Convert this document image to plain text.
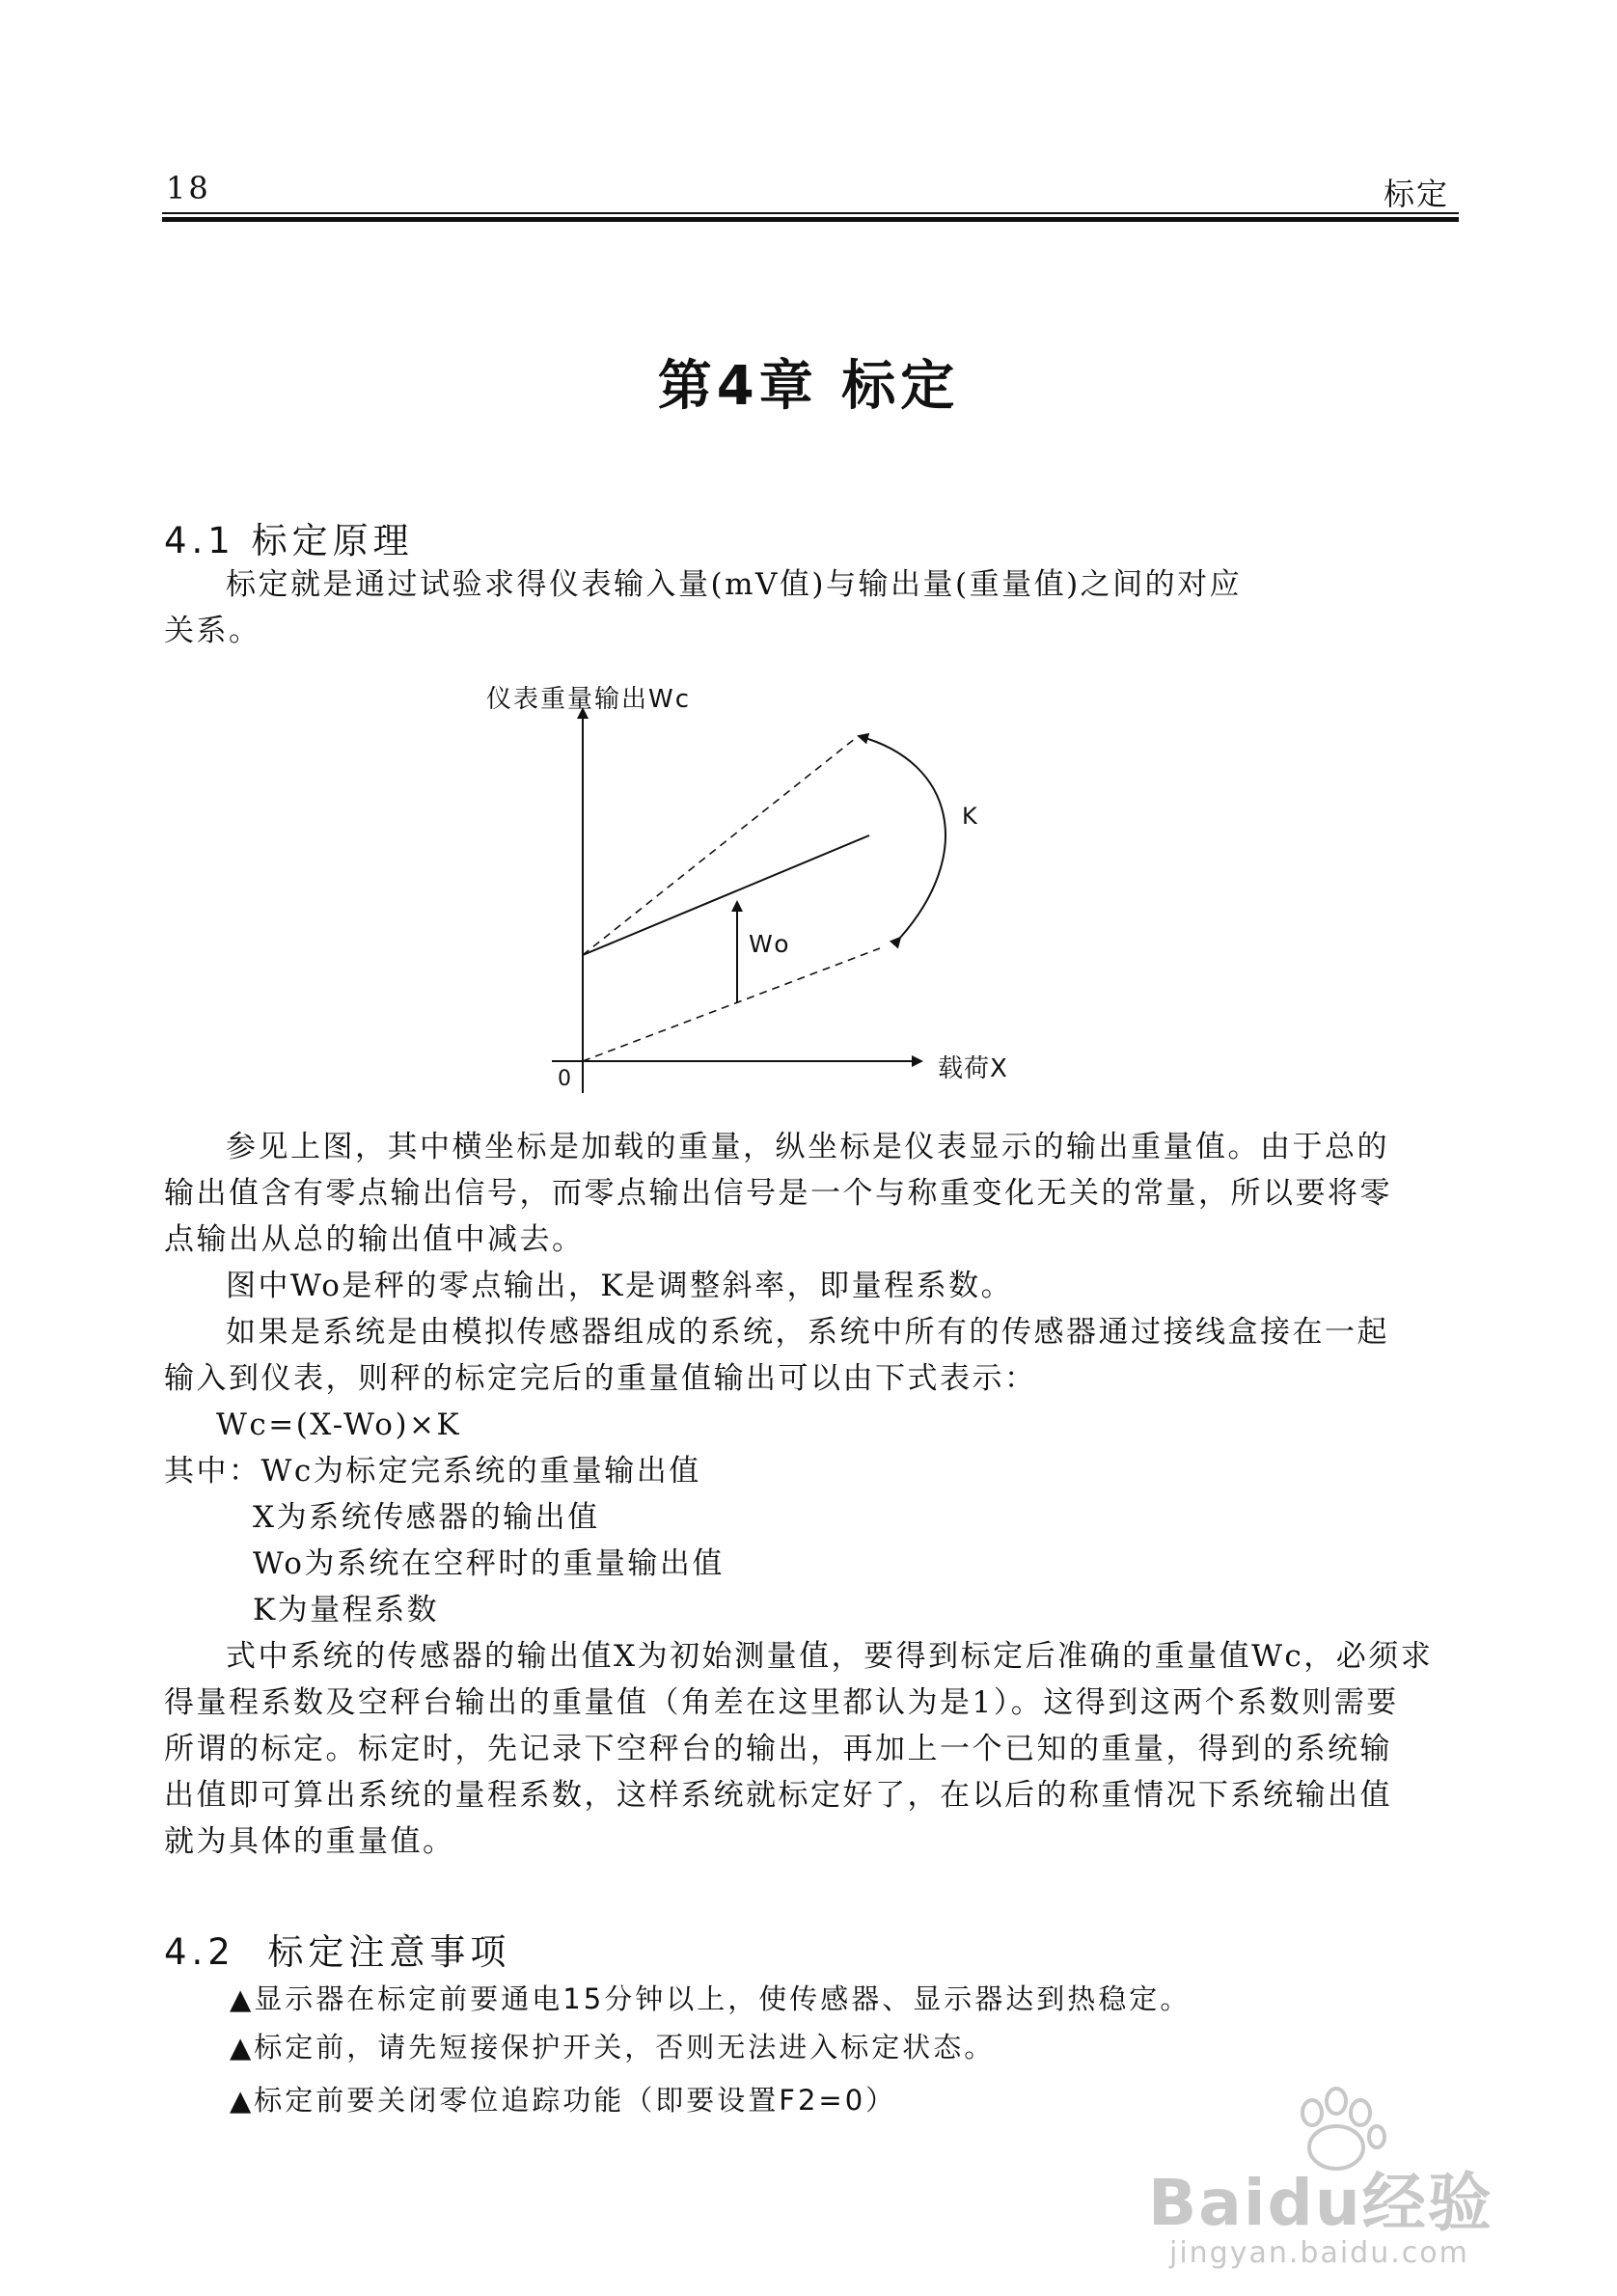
18	标定
第4章 标定
4.1 标定原理
标定就是通过试验求得仪表输入量(mV值)与输出量(重量值)之间的对应
关系。
仪表重量输出Wc
载荷X
0
K
Wo
参见上图，其中横坐标是加载的重量，纵坐标是仪表显示的输出重量值。由于总的
输出值含有零点输出信号，而零点输出信号是一个与称重变化无关的常量，所以要将零
点输出从总的输出值中减去。
图中Wo是秤的零点输出，K是调整斜率，即量程系数。
如果是系统是由模拟传感器组成的系统，系统中所有的传感器通过接线盒接在一起
输入到仪表，则秤的标定完后的重量值输出可以由下式表示：
Wc=(X-Wo)×K
其中：Wc为标定完系统的重量输出值
X为系统传感器的输出值
Wo为系统在空秤时的重量输出值
K为量程系数
式中系统的传感器的输出值X为初始测量值，要得到标定后准确的重量值Wc，必须求
得量程系数及空秤台输出的重量值（角差在这里都认为是1）。这得到这两个系数则需要
所谓的标定。标定时，先记录下空秤台的输出，再加上一个已知的重量，得到的系统输
出值即可算出系统的量程系数，这样系统就标定好了，在以后的称重情况下系统输出值
就为具体的重量值。
4.2  标定注意事项
▲显示器在标定前要通电15分钟以上，使传感器、显示器达到热稳定。
▲标定前，请先短接保护开关，否则无法进入标定状态。
▲标定前要关闭零位追踪功能（即要设置F2=0）
Baidu经验
jingyan.baidu.com
